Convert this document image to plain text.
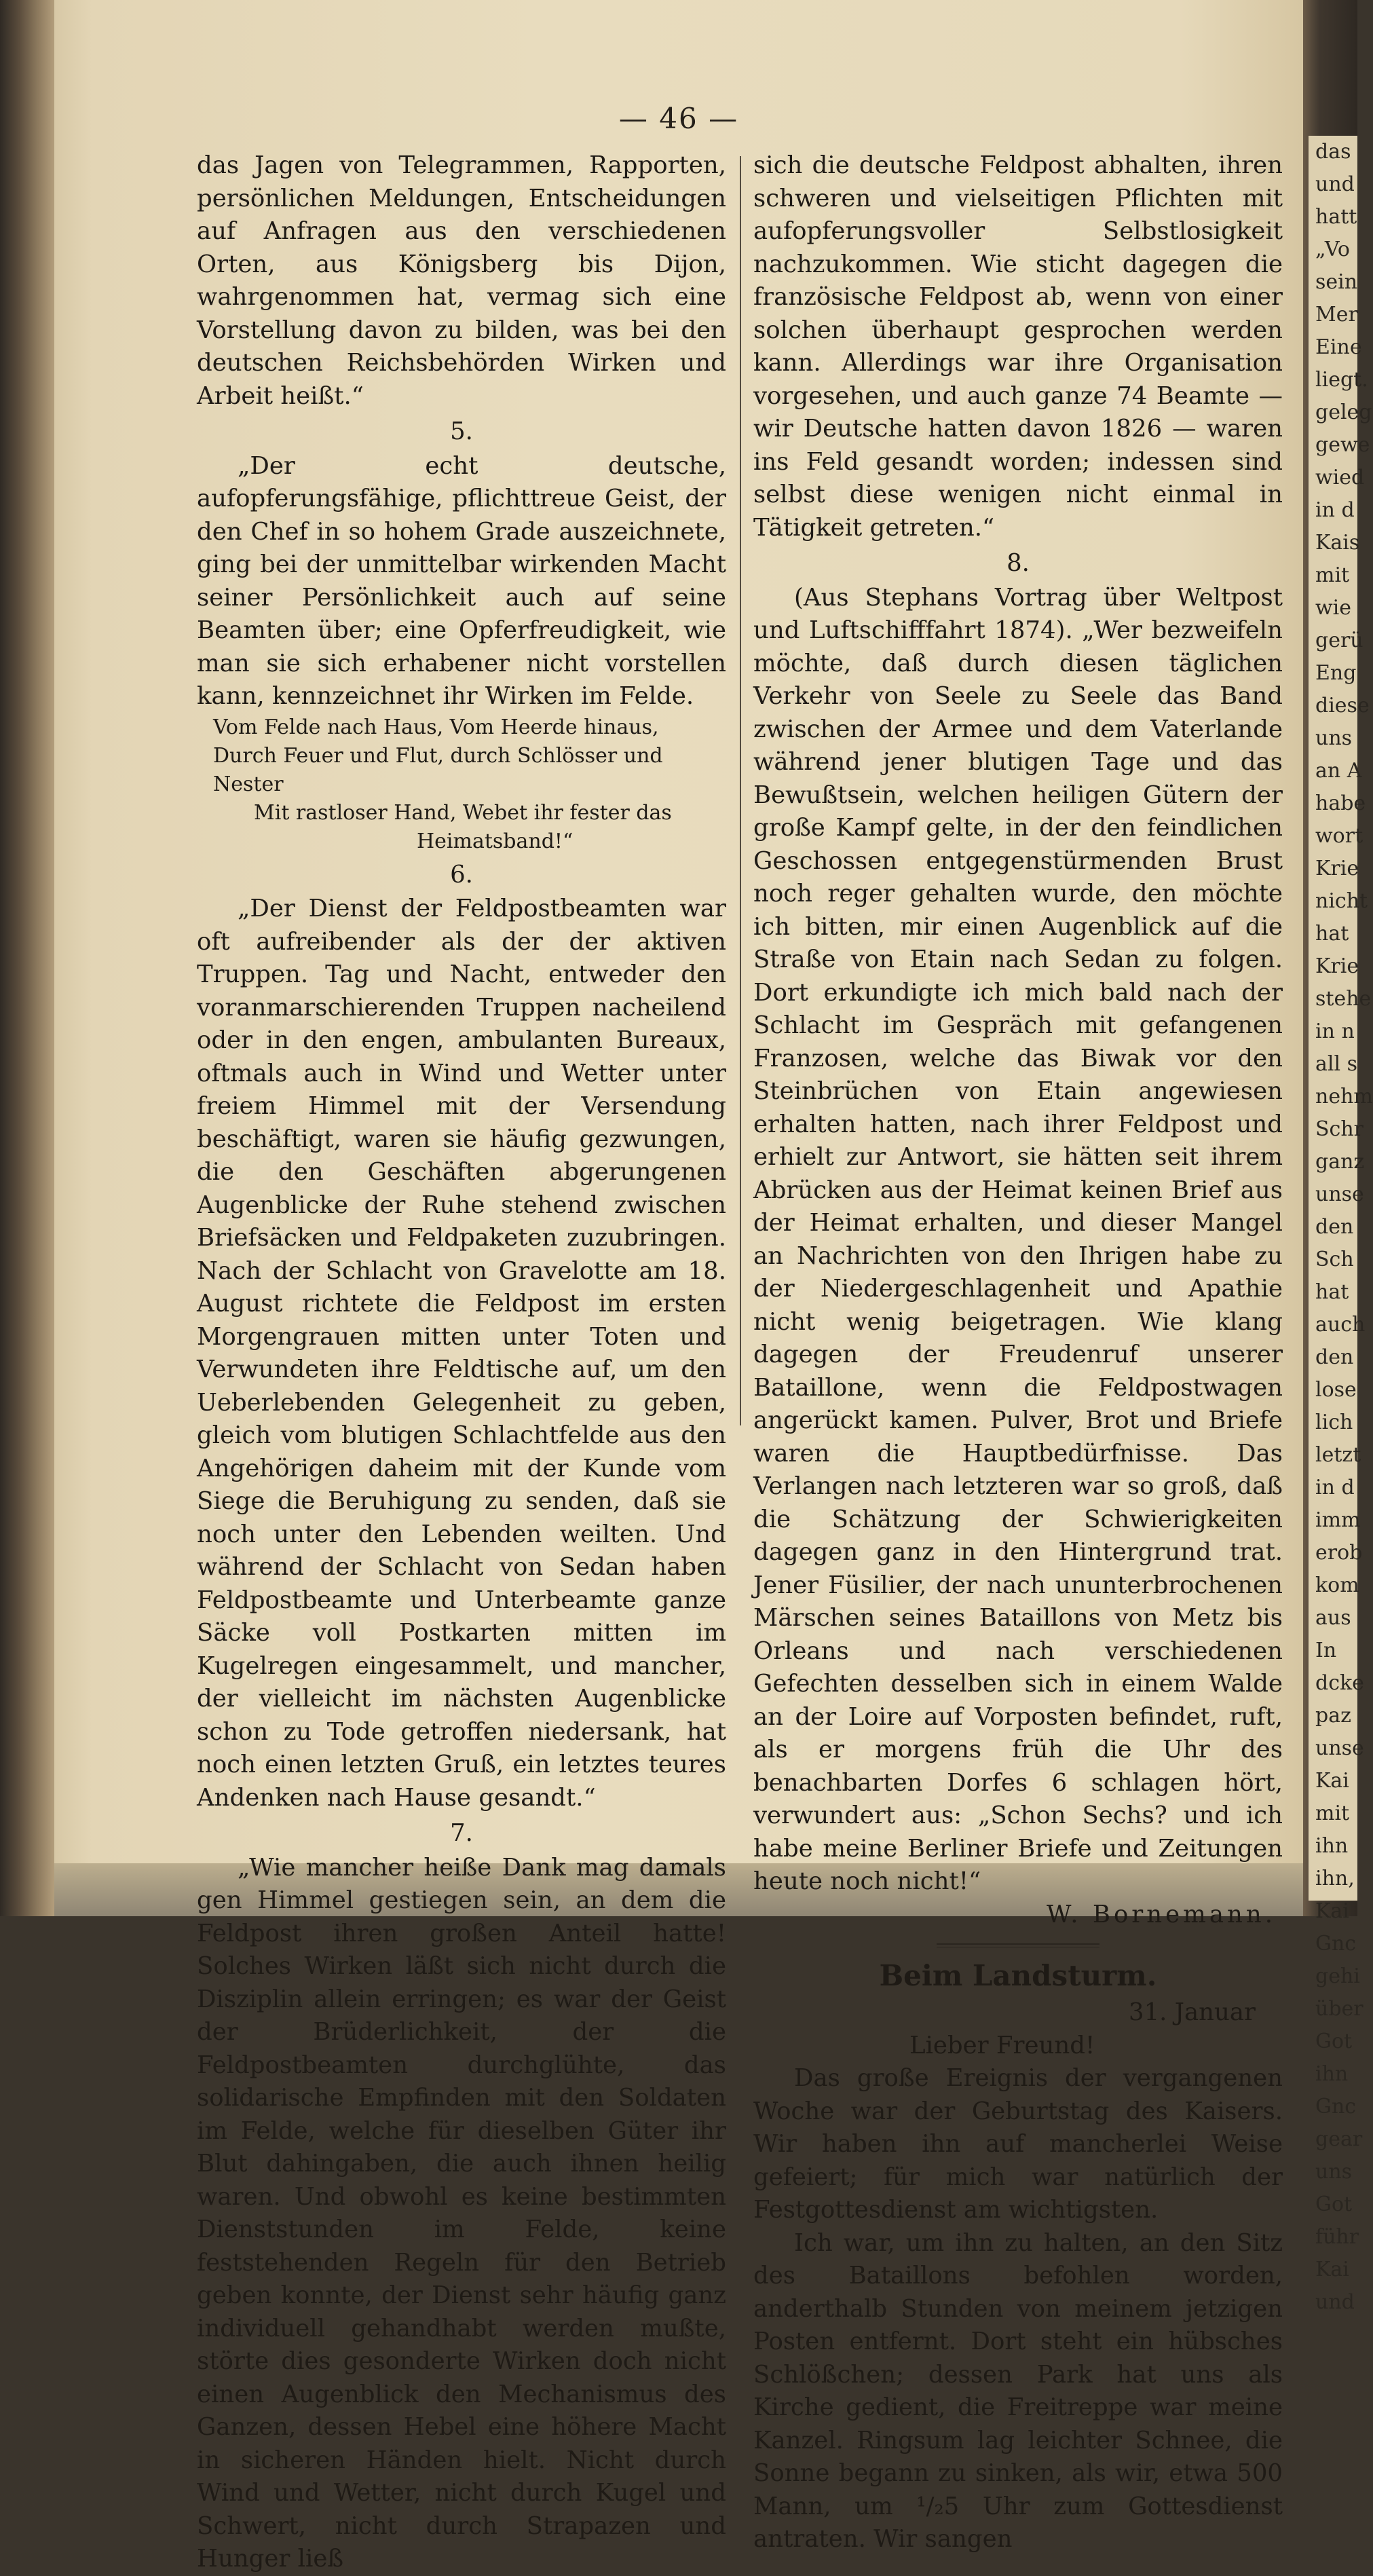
das
und
hatt
„Vo
sein
Mer
Eine
liegt.
geleg
gewe
wied
in d
Kais
mit
wie
gerü
Eng
diese
uns
an A
habe
wort
Krie
nicht
hat
Krie
stehe
in n
all s
nehm
Schr
ganz
unse
den
Sch
hat
auch
den
lose
lich
letzt
in d
imm
erob
kom
aus
In
dcke
paz
unse
Kai
mit
ihn
ihn,
Kai
Gnc
gehi
über
Got
ihn
Gnc
gear
uns
Got
führ
Kai
und
— 46 —

das Jagen von Telegrammen, Rapporten, persönlichen Meldungen, Entscheidungen auf Anfragen aus den verschiedenen Orten, aus Königsberg bis Dijon, wahrgenommen hat, vermag sich eine Vorstellung davon zu bilden, was bei den deutschen Reichsbehörden Wirken und Arbeit heißt.“

5.

„Der echt deutsche, aufopferungsfähige, pflichttreue Geist, der den Chef in so hohem Grade auszeichnete, ging bei der unmittelbar wirkenden Macht seiner Persönlichkeit auch auf seine Beamten über; eine Opferfreudigkeit, wie man sie sich erhabener nicht vorstellen kann, kennzeichnet ihr Wirken im Felde.

Vom Felde nach Haus, Vom Heerde hinaus,
Durch Feuer und Flut, durch Schlösser und Nester
Mit rastloser Hand, Webet ihr fester das
Heimatsband!“

6.

„Der Dienst der Feldpostbeamten war oft aufreibender als der der aktiven Truppen. Tag und Nacht, entweder den voranmarschierenden Truppen nacheilend oder in den engen, ambulanten Bureaux, oftmals auch in Wind und Wetter unter freiem Himmel mit der Versendung beschäftigt, waren sie häufig gezwungen, die den Geschäften abgerungenen Augenblicke der Ruhe stehend zwischen Briefsäcken und Feldpaketen zuzubringen. Nach der Schlacht von Gravelotte am 18. August richtete die Feldpost im ersten Morgengrauen mitten unter Toten und Verwundeten ihre Feldtische auf, um den Ueberlebenden Gelegenheit zu geben, gleich vom blutigen Schlachtfelde aus den Angehörigen daheim mit der Kunde vom Siege die Beruhigung zu senden, daß sie noch unter den Lebenden weilten. Und während der Schlacht von Sedan haben Feldpostbeamte und Unterbeamte ganze Säcke voll Postkarten mitten im Kugelregen eingesammelt, und mancher, der vielleicht im nächsten Augenblicke schon zu Tode getroffen niedersank, hat noch einen letzten Gruß, ein letztes teures Andenken nach Hause gesandt.“

7.

„Wie mancher heiße Dank mag damals gen Himmel gestiegen sein, an dem die Feldpost ihren großen Anteil hatte! Solches Wirken läßt sich nicht durch die Disziplin allein erringen; es war der Geist der Brüderlichkeit, der die Feldpostbeamten durchglühte, das solidarische Empfinden mit den Soldaten im Felde, welche für dieselben Güter ihr Blut dahingaben, die auch ihnen heilig waren. Und obwohl es keine bestimmten Dienststunden im Felde, keine feststehenden Regeln für den Betrieb geben konnte, der Dienst sehr häufig ganz individuell gehandhabt werden mußte, störte dies gesonderte Wirken doch nicht einen Augenblick den Mechanismus des Ganzen, dessen Hebel eine höhere Macht in sicheren Händen hielt. Nicht durch Wind und Wetter, nicht durch Kugel und Schwert, nicht durch Strapazen und Hunger ließ

sich die deutsche Feldpost abhalten, ihren schweren und vielseitigen Pflichten mit aufopferungsvoller Selbstlosigkeit nachzukommen. Wie sticht dagegen die französische Feldpost ab, wenn von einer solchen überhaupt gesprochen werden kann. Allerdings war ihre Organisation vorgesehen, und auch ganze 74 Beamte — wir Deutsche hatten davon 1826 — waren ins Feld gesandt worden; indessen sind selbst diese wenigen nicht einmal in Tätigkeit getreten.“

8.

(Aus Stephans Vortrag über Weltpost und Luftschifffahrt 1874). „Wer bezweifeln möchte, daß durch diesen täglichen Verkehr von Seele zu Seele das Band zwischen der Armee und dem Vaterlande während jener blutigen Tage und das Bewußtsein, welchen heiligen Gütern der große Kampf gelte, in der den feindlichen Geschossen entgegenstürmenden Brust noch reger gehalten wurde, den möchte ich bitten, mir einen Augenblick auf die Straße von Etain nach Sedan zu folgen. Dort erkundigte ich mich bald nach der Schlacht im Gespräch mit gefangenen Franzosen, welche das Biwak vor den Steinbrüchen von Etain angewiesen erhalten hatten, nach ihrer Feldpost und erhielt zur Antwort, sie hätten seit ihrem Abrücken aus der Heimat keinen Brief aus der Heimat erhalten, und dieser Mangel an Nachrichten von den Ihrigen habe zu der Niedergeschlagenheit und Apathie nicht wenig beigetragen. Wie klang dagegen der Freudenruf unserer Bataillone, wenn die Feldpostwagen angerückt kamen. Pulver, Brot und Briefe waren die Hauptbedürfnisse. Das Verlangen nach letzteren war so groß, daß die Schätzung der Schwierigkeiten dagegen ganz in den Hintergrund trat. Jener Füsilier, der nach ununterbrochenen Märschen seines Bataillons von Metz bis Orleans und nach verschiedenen Gefechten desselben sich in einem Walde an der Loire auf Vorposten befindet, ruft, als er morgens früh die Uhr des benachbarten Dorfes 6 schlagen hört, verwundert aus: „Schon Sechs? und ich habe meine Berliner Briefe und Zeitungen heute noch nicht!“

W. Bornemann.

Beim Landsturm.

31. Januar

Lieber Freund!

Das große Ereignis der vergangenen Woche war der Geburtstag des Kaisers. Wir haben ihn auf mancherlei Weise gefeiert; für mich war natürlich der Festgottesdienst am wichtigsten.

Ich war, um ihn zu halten, an den Sitz des Bataillons befohlen worden, anderthalb Stunden von meinem jetzigen Posten entfernt. Dort steht ein hübsches Schlößchen; dessen Park hat uns als Kirche gedient, die Freitreppe war meine Kanzel. Ringsum lag leichter Schnee, die Sonne begann zu sinken, als wir, etwa 500 Mann, um ¹/₂5 Uhr zum Gottesdienst antraten. Wir sangen
